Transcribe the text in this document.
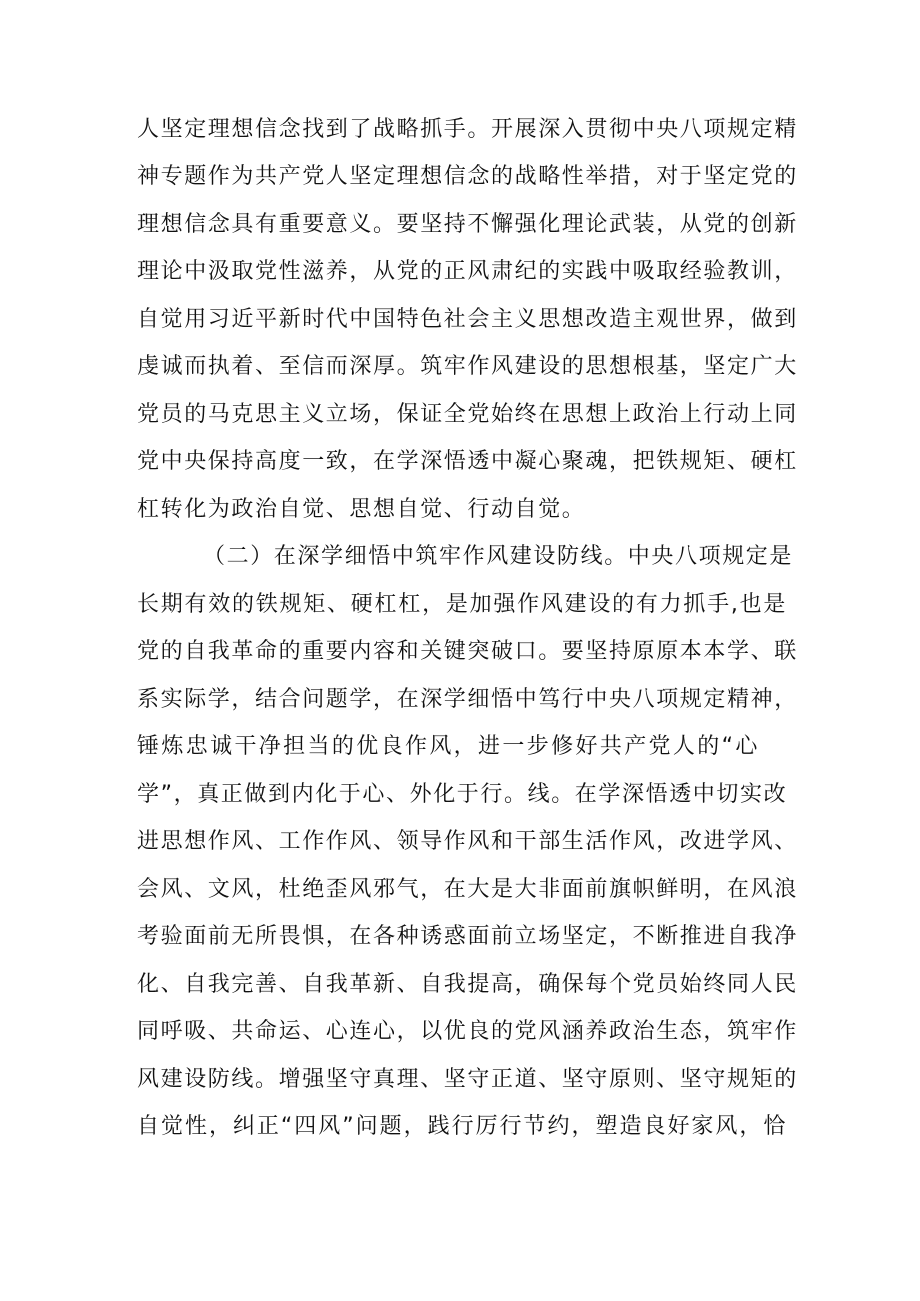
人坚定理想信念找到了战略抓手。开展深入贯彻中央八项规定精
神专题作为共产党人坚定理想信念的战略性举措，对于坚定党的
理想信念具有重要意义。要坚持不懈强化理论武装，从党的创新
理论中汲取党性滋养，从党的正风肃纪的实践中吸取经验教训，
自觉用习近平新时代中国特色社会主义思想改造主观世界，做到
虔诚而执着、至信而深厚。筑牢作风建设的思想根基，坚定广大
党员的马克思主义立场，保证全党始终在思想上政治上行动上同
党中央保持高度一致，在学深悟透中凝心聚魂，把铁规矩、硬杠
杠转化为政治自觉、思想自觉、行动自觉。
（二）在深学细悟中筑牢作风建设防线。中央八项规定是
长期有效的铁规矩、硬杠杠，是加强作风建设的有力抓手,也是
党的自我革命的重要内容和关键突破口。要坚持原原本本学、联
系实际学，结合问题学，在深学细悟中笃行中央八项规定精神，
锤炼忠诚干净担当的优良作风，进一步修好共产党人的“心
学”，真正做到内化于心、外化于行。线。在学深悟透中切实改
进思想作风、工作作风、领导作风和干部生活作风，改进学风、
会风、文风，杜绝歪风邪气，在大是大非面前旗帜鲜明，在风浪
考验面前无所畏惧，在各种诱惑面前立场坚定，不断推进自我净
化、自我完善、自我革新、自我提高，确保每个党员始终同人民
同呼吸、共命运、心连心，以优良的党风涵养政治生态，筑牢作
风建设防线。增强坚守真理、坚守正道、坚守原则、坚守规矩的
自觉性，纠正“四风”问题，践行厉行节约，塑造良好家风，恰
